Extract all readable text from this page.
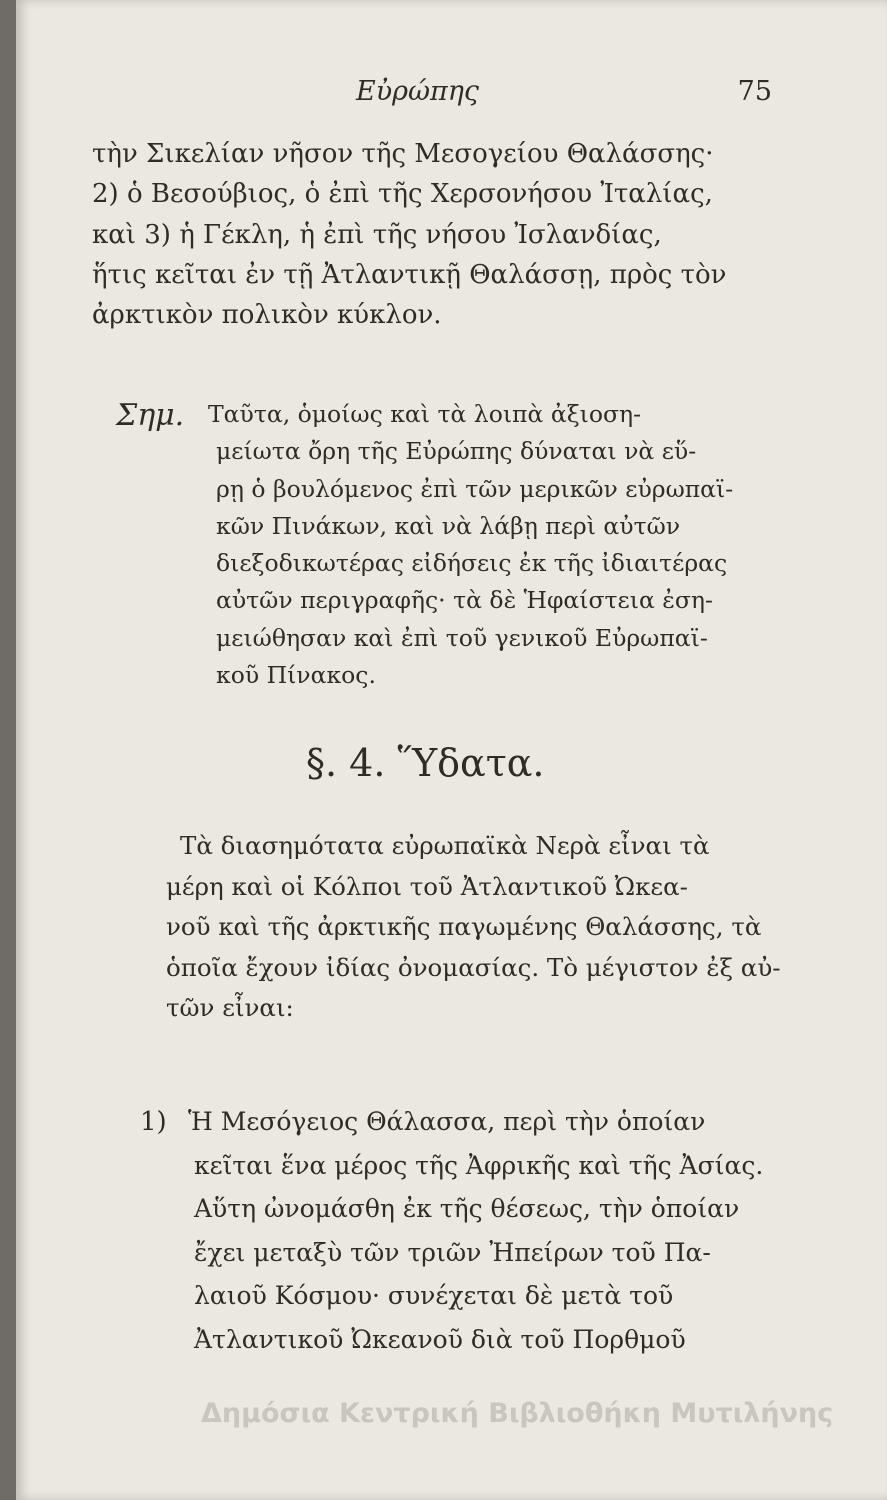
Εὐρώπης	75
τὴν Σικελίαν νῆσον τῆς Μεσογείου Θαλάσσης·
2) ὁ Βεσούβιος, ὁ ἐπὶ τῆς Χερσονήσου Ἰταλίας,
καὶ 3) ἡ Γέκλη, ἡ ἐπὶ τῆς νήσου Ἰσλανδίας,
ἥτις κεῖται ἐν τῇ Ἀτλαντικῇ Θαλάσσῃ, πρὸς τὸν
ἀρκτικὸν πολικὸν κύκλον.
Σημ. Ταῦτα, ὁμοίως καὶ τὰ λοιπὰ ἀξιοση-
μείωτα ὄρη τῆς Εὐρώπης δύναται νὰ εὕ-
ρῃ ὁ βουλόμενος ἐπὶ τῶν μερικῶν εὐρωπαϊ-
κῶν Πινάκων, καὶ νὰ λάβῃ περὶ αὐτῶν
διεξοδικωτέρας εἰδήσεις ἐκ τῆς ἰδιαιτέρας
αὐτῶν περιγραφῆς· τὰ δὲ Ἡφαίστεια ἐση-
μειώθησαν καὶ ἐπὶ τοῦ γενικοῦ Εὐρωπαϊ-
κοῦ Πίνακος.
§. 4. Ὕδατα.
Τὰ διασημότατα εὐρωπαϊκὰ Νερὰ εἶναι τὰ
μέρη καὶ οἱ Κόλποι τοῦ Ἀτλαντικοῦ Ὠκεα-
νοῦ καὶ τῆς ἀρκτικῆς παγωμένης Θαλάσσης, τὰ
ὁποῖα ἔχουν ἰδίας ὀνομασίας. Τὸ μέγιστον ἐξ αὐ-
τῶν εἶναι:
1) Ἡ Μεσόγειος Θάλασσα, περὶ τὴν ὁποίαν
κεῖται ἕνα μέρος τῆς Ἀφρικῆς καὶ τῆς Ἀσίας.
Αὕτη ὠνομάσθη ἐκ τῆς θέσεως, τὴν ὁποίαν
ἔχει μεταξὺ τῶν τριῶν Ἠπείρων τοῦ Πα-
λαιοῦ Κόσμου· συνέχεται δὲ μετὰ τοῦ
Ἀτλαντικοῦ Ὠκεανοῦ διὰ τοῦ Πορθμοῦ
Δημόσια Κεντρική Βιβλιοθήκη Μυτιλήνης
